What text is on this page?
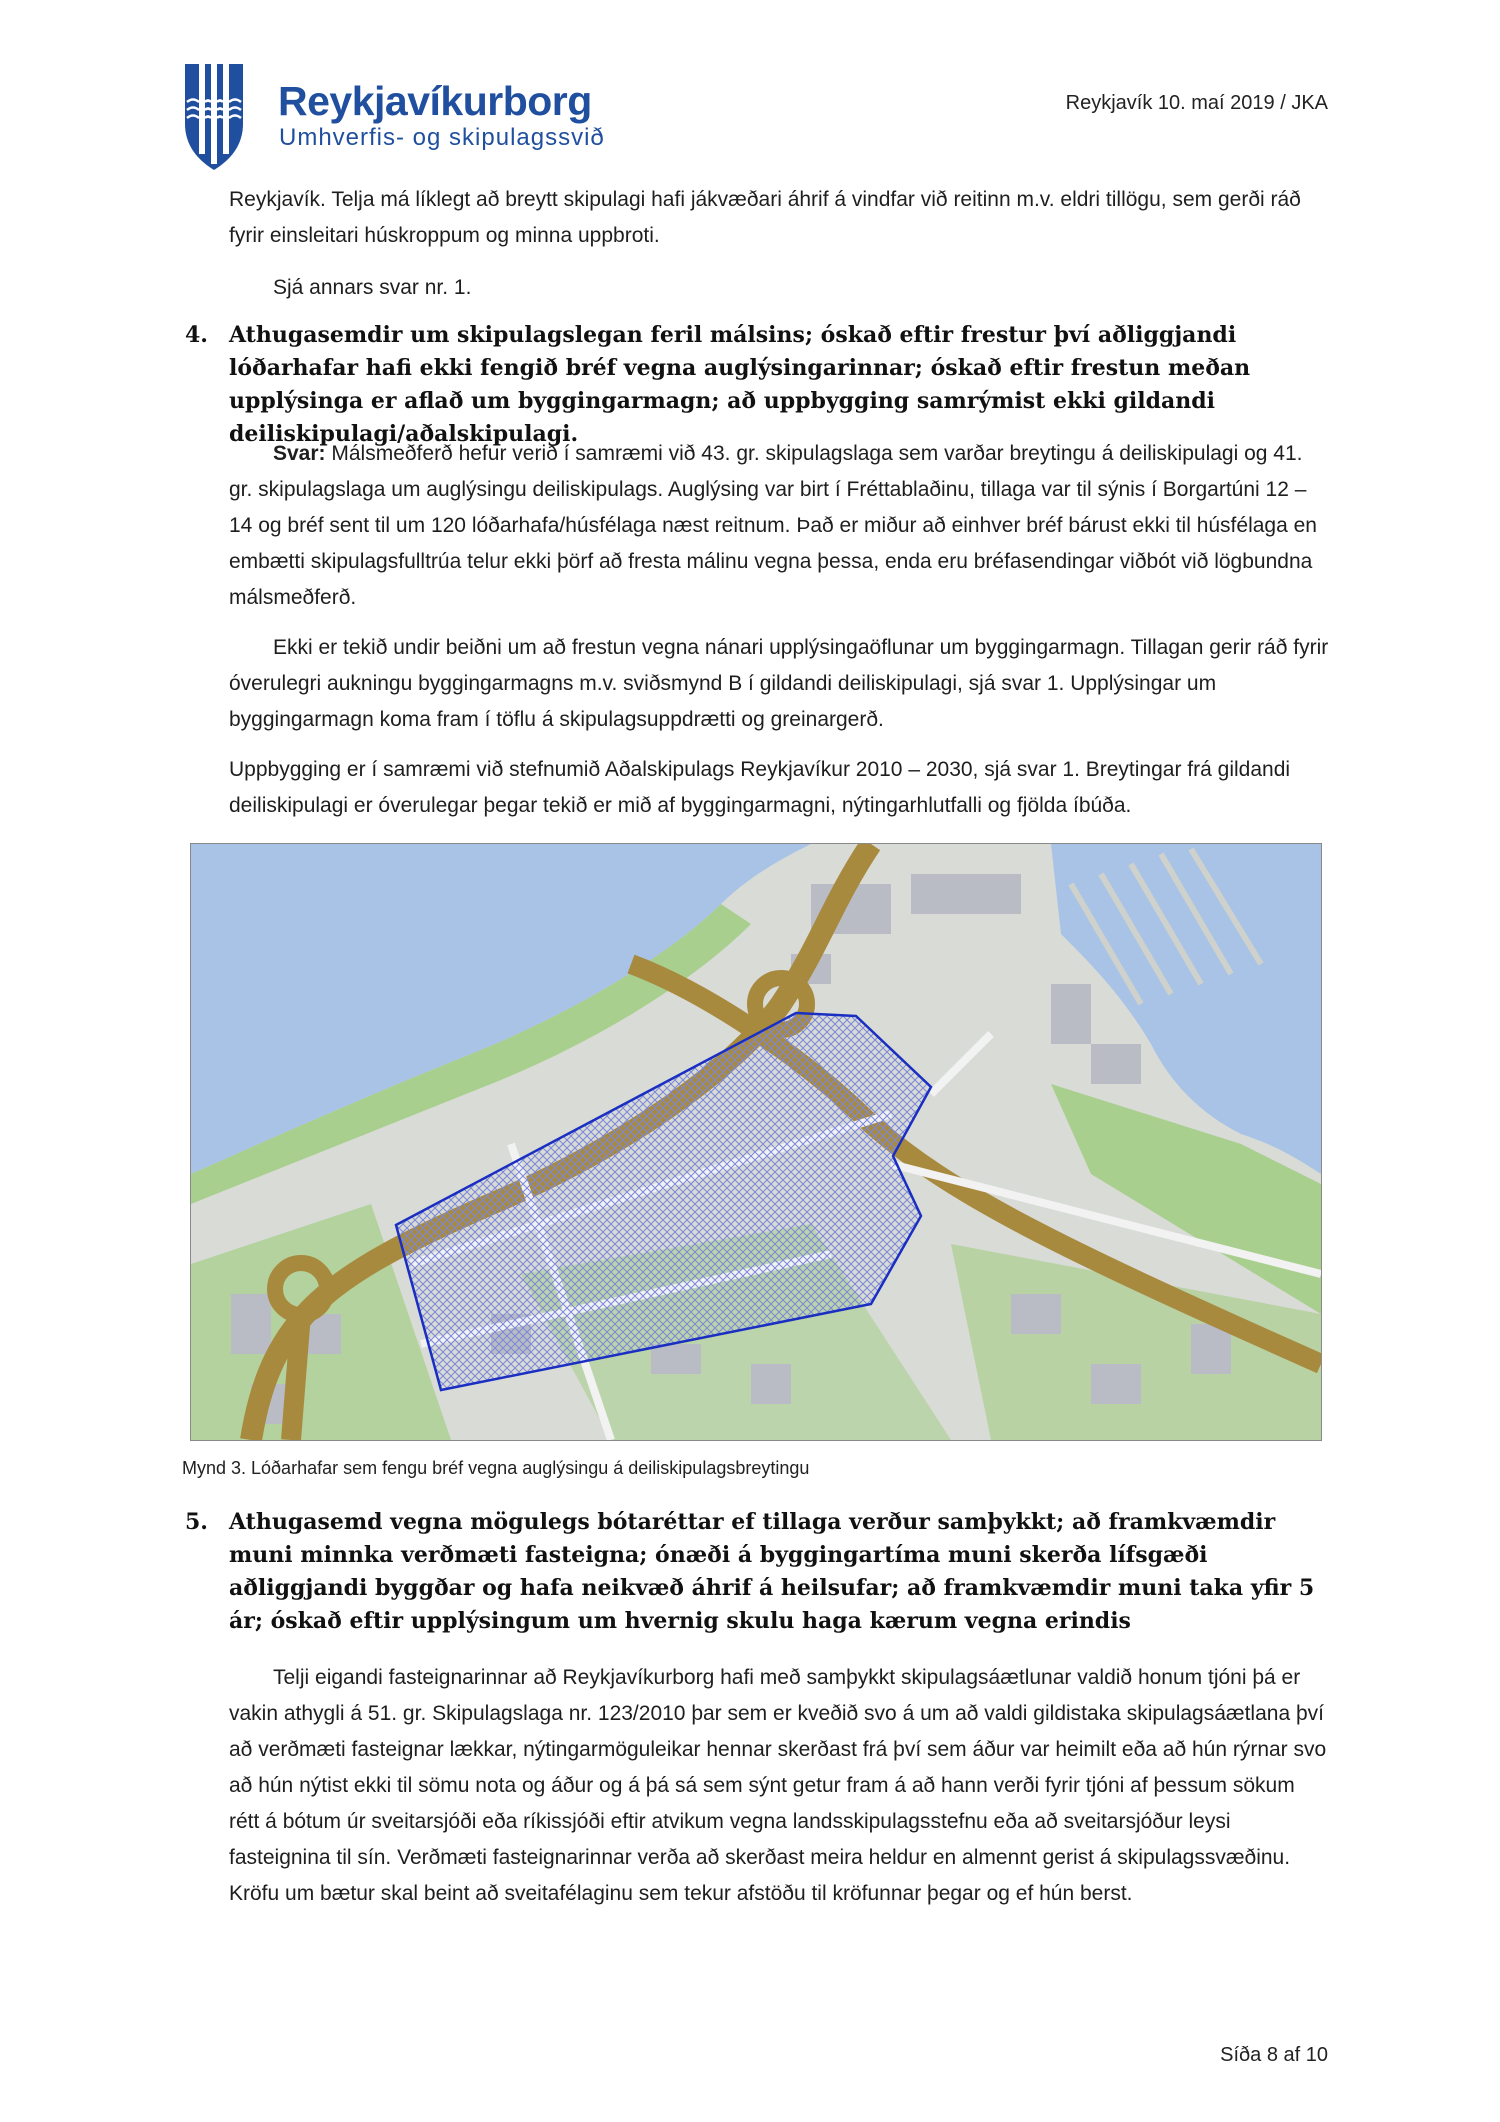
Reykjavíkurborg
Umhverfis- og skipulagssvið
Reykjavík 10. maí 2019 / JKA
Reykjavík. Telja má líklegt að breytt skipulagi hafi jákvæðari áhrif á vindfar við reitinn m.v. eldri tillögu, sem gerði ráð fyrir einsleitari húskroppum og minna uppbroti.
Sjá annars svar nr. 1.
4. Athugasemdir um skipulagslegan feril málsins; óskað eftir frestur því aðliggjandi lóðarhafar hafi ekki fengið bréf vegna auglýsingarinnar; óskað eftir frestun meðan upplýsinga er aflað um byggingarmagn; að uppbygging samrýmist ekki gildandi deiliskipulagi/aðalskipulagi.

Svar: Málsmeðferð hefur verið í samræmi við 43. gr. skipulagslaga sem varðar breytingu á deiliskipulagi og 41. gr. skipulagslaga um auglýsingu deiliskipulags. Auglýsing var birt í Fréttablaðinu, tillaga var til sýnis í Borgartúni 12 – 14 og bréf sent til um 120 lóðarhafa/húsfélaga næst reitnum. Það er miður að einhver bréf bárust ekki til húsfélaga en embætti skipulagsfulltrúa telur ekki þörf að fresta málinu vegna þessa, enda eru bréfasendingar viðbót við lögbundna málsmeðferð.
Ekki er tekið undir beiðni um að frestun vegna nánari upplýsingaöflunar um byggingarmagn. Tillagan gerir ráð fyrir óverulegri aukningu byggingarmagns m.v. sviðsmynd B í gildandi deiliskipulagi, sjá svar 1. Upplýsingar um byggingarmagn koma fram í töflu á skipulagsuppdrætti og greinargerð.
Uppbygging er í samræmi við stefnumið Aðalskipulags Reykjavíkur 2010 – 2030, sjá svar 1. Breytingar frá gildandi deiliskipulagi er óverulegar þegar tekið er mið af byggingarmagni, nýtingarhlutfalli og fjölda íbúða.
Mynd 3. Lóðarhafar sem fengu bréf vegna auglýsingu á deiliskipulagsbreytingu
5. Athugasemd vegna mögulegs bótaréttar ef tillaga verður samþykkt; að framkvæmdir muni minnka verðmæti fasteigna; ónæði á byggingartíma muni skerða lífsgæði aðliggjandi byggðar og hafa neikvæð áhrif á heilsufar; að framkvæmdir muni taka yfir 5 ár; óskað eftir upplýsingum um hvernig skulu haga kærum vegna erindis

Telji eigandi fasteignarinnar að Reykjavíkurborg hafi með samþykkt skipulagsáætlunar valdið honum tjóni þá er vakin athygli á 51. gr. Skipulagslaga nr. 123/2010 þar sem er kveðið svo á um að valdi gildistaka skipulagsáætlana því að verðmæti fasteignar lækkar, nýtingarmöguleikar hennar skerðast frá því sem áður var heimilt eða að hún rýrnar svo að hún nýtist ekki til sömu nota og áður og á þá sá sem sýnt getur fram á að hann verði fyrir tjóni af þessum sökum rétt á bótum úr sveitarsjóði eða ríkissjóði eftir atvikum vegna landsskipulagsstefnu eða að sveitarsjóður leysi fasteignina til sín. Verðmæti fasteignarinnar verða að skerðast meira heldur en almennt gerist á skipulagssvæðinu. Kröfu um bætur skal beint að sveitafélaginu sem tekur afstöðu til kröfunnar þegar og ef hún berst.
Síða 8 af 10
